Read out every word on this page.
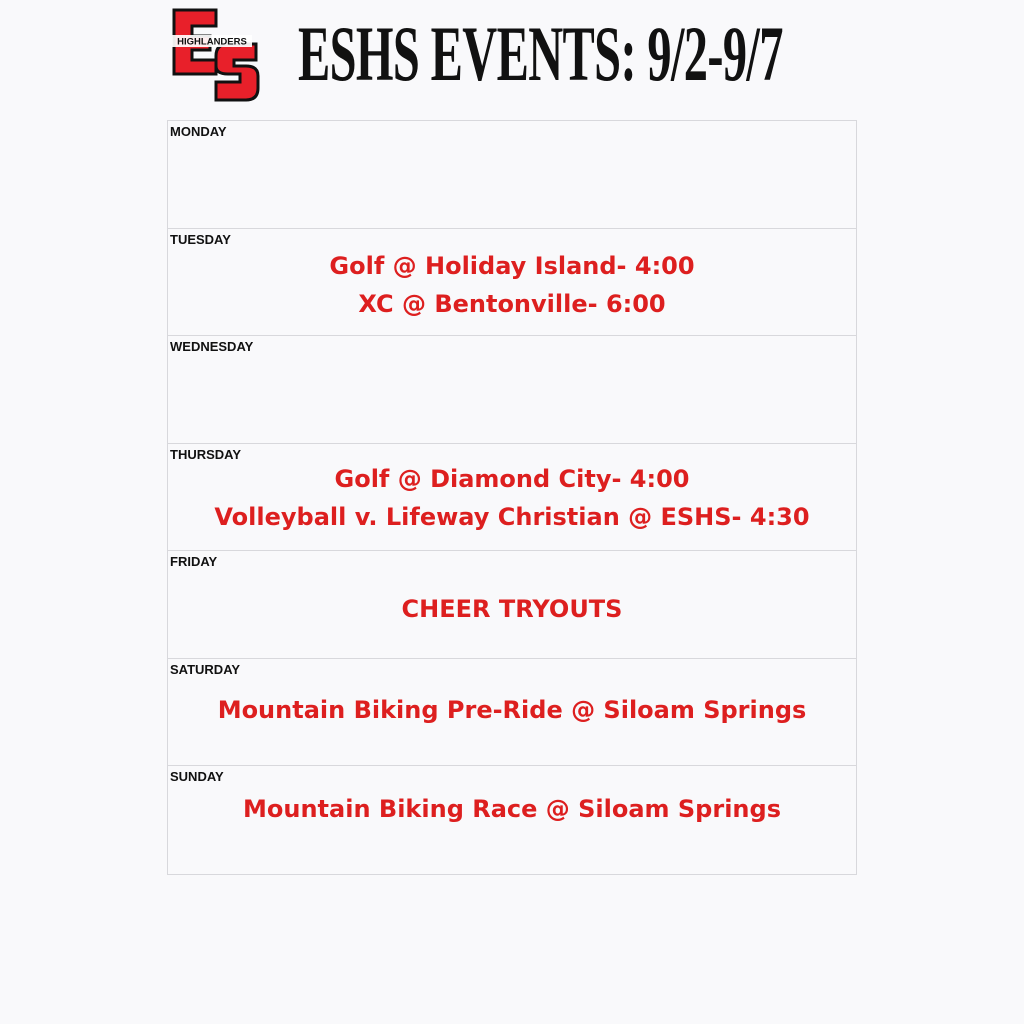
HIGHLANDERS ESHS EVENTS: 9/2-9/7
MONDAY
TUESDAY
Golf @ Holiday Island- 4:00
XC @ Bentonville- 6:00
WEDNESDAY
THURSDAY
Golf @ Diamond City- 4:00
Volleyball v. Lifeway Christian @ ESHS- 4:30
FRIDAY
CHEER TRYOUTS
SATURDAY
Mountain Biking Pre-Ride @ Siloam Springs
SUNDAY
Mountain Biking Race @ Siloam Springs
